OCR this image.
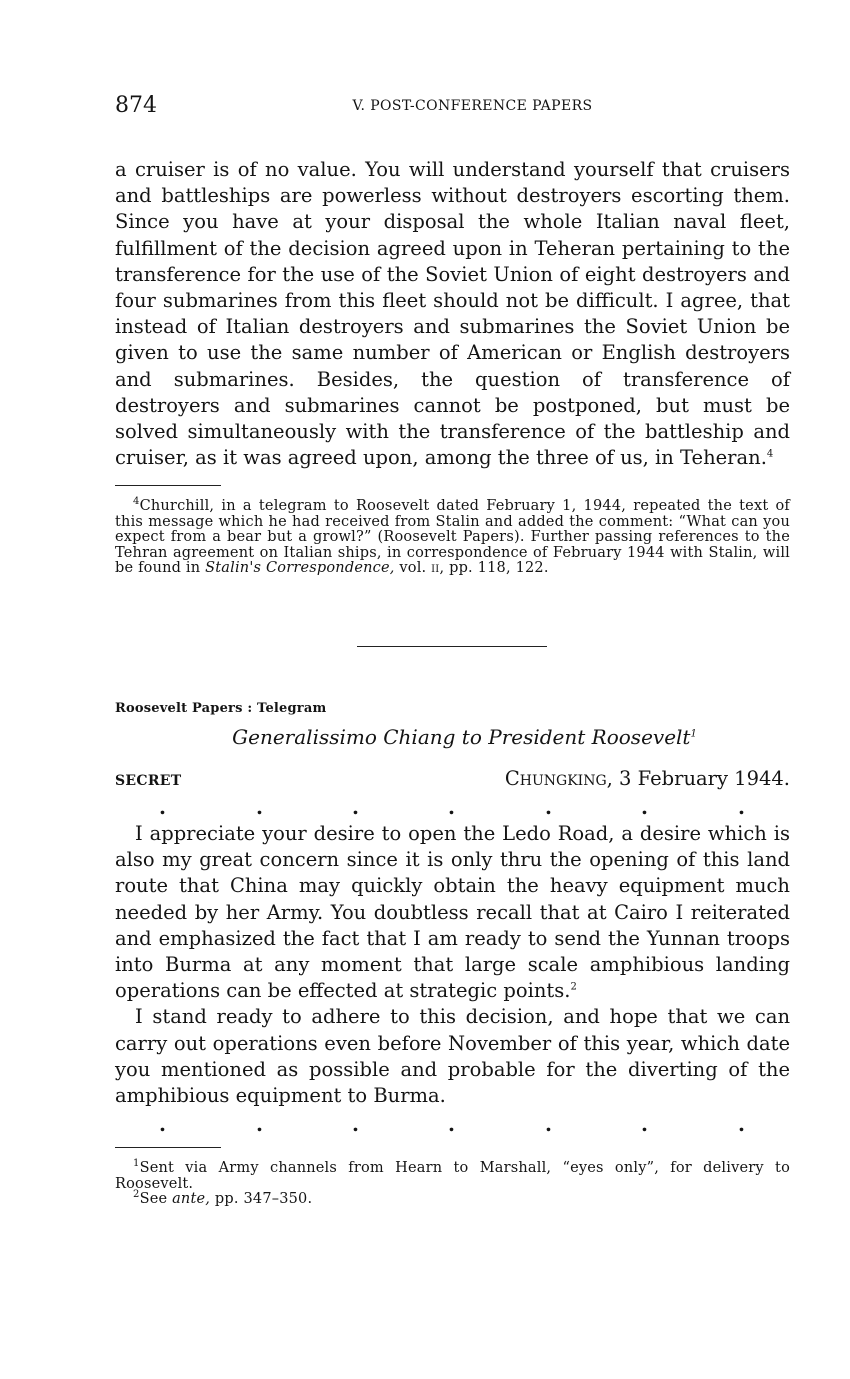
874	V. POST-CONFERENCE PAPERS

a cruiser is of no value. You will understand yourself that cruisers and battleships are powerless without destroyers escorting them. Since you have at your disposal the whole Italian naval fleet, fulfillment of the decision agreed upon in Teheran pertaining to the transference for the use of the Soviet Union of eight destroyers and four submarines from this fleet should not be difficult. I agree, that instead of Italian destroyers and submarines the Soviet Union be given to use the same number of American or English destroyers and submarines. Besides, the question of transference of destroyers and submarines cannot be postponed, but must be solved simultaneously with the transference of the battleship and cruiser, as it was agreed upon, among the three of us, in Teheran.$^4$

$^4$Churchill, in a telegram to Roosevelt dated February 1, 1944, repeated the text of this message which he had received from Stalin and added the comment: “What can you expect from a bear but a growl?” (Roosevelt Papers). Further passing references to the Tehran agreement on Italian ships, in correspondence of February 1944 with Stalin, will be found in Stalin's Correspondence, vol. ii, pp. 118, 122.

Roosevelt Papers : Telegram
Generalissimo Chiang to President Roosevelt$^1$
SECRET	Chungking, 3 February 1944.
.	.	.	.	.	.	.

I appreciate your desire to open the Ledo Road, a desire which is also my great concern since it is only thru the opening of this land route that China may quickly obtain the heavy equipment much needed by her Army. You doubtless recall that at Cairo I reiterated and emphasized the fact that I am ready to send the Yunnan troops into Burma at any moment that large scale amphibious landing operations can be effected at strategic points.$^2$

I stand ready to adhere to this decision, and hope that we can carry out operations even before November of this year, which date you mentioned as possible and probable for the diverting of the amphibious equipment to Burma.

.	.	.	.	.	.	.

$^1$Sent via Army channels from Hearn to Marshall, “eyes only”, for delivery to Roosevelt.

$^2$See ante, pp. 347–350.
